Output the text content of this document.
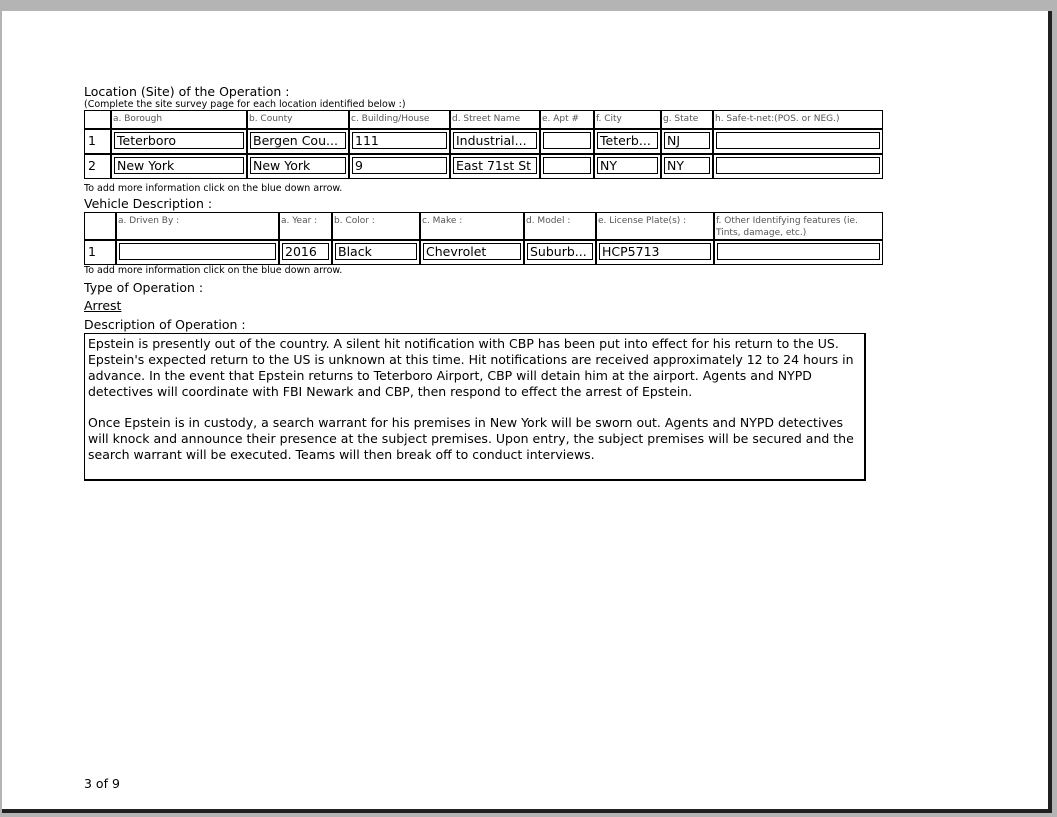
Location (Site) of the Operation :
(Complete the site survey page for each location identified below :)
	a. Borough	b. County	c. Building/House	d. Street Name	e. Apt #	f. City	g. State	h. Safe-t-net:(POS. or NEG.)
1	Teterboro	Bergen Cou...	111	Industrial...		Teterb...	NJ	

2	New York	New York	9	East 71st St		NY	NY	

To add more information click on the blue down arrow.
Vehicle Description :
	a. Driven By :	a. Year :	b. Color :	c. Make :	d. Model :	e. License Plate(s) :	f. Other Identifying features (ie. Tints, damage, etc.)
1		2016	Black	Chevrolet	Suburb...	HCP5713	

To add more information click on the blue down arrow.
Type of Operation :
Arrest
Description of Operation :

Epstein is presently out of the country. A silent hit notification with CBP has been put into effect for his return to the US. Epstein's expected return to the US is unknown at this time. Hit notifications are received approximately 12 to 24 hours in advance. In the event that Epstein returns to Teterboro Airport, CBP will detain him at the airport. Agents and NYPD detectives will coordinate with FBI Newark and CBP, then respond to effect the arrest of Epstein.

Once Epstein is in custody, a search warrant for his premises in New York will be sworn out. Agents and NYPD detectives will knock and announce their presence at the subject premises. Upon entry, the subject premises will be secured and the search warrant will be executed. Teams will then break off to conduct interviews.

3 of 9
